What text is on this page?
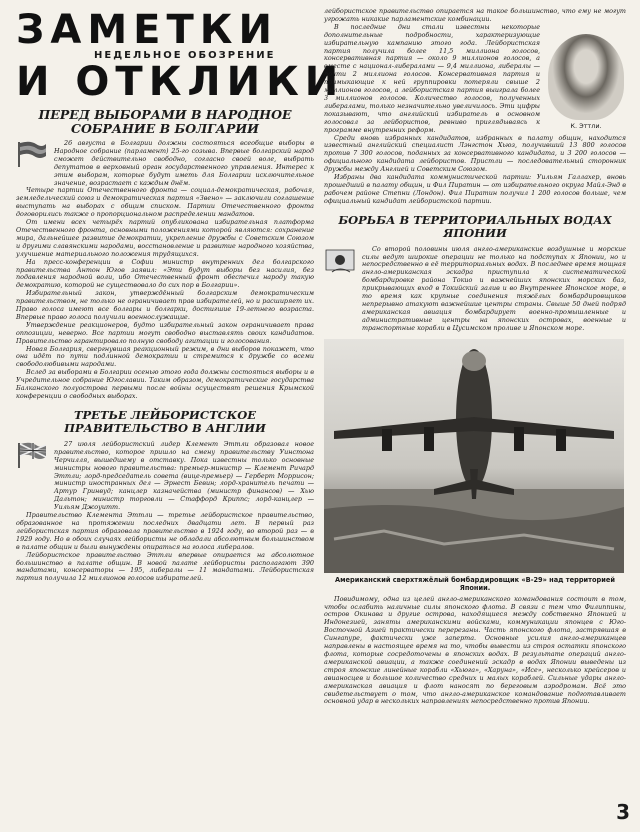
ЗАМЕТКИ
НЕДЕЛЬНОЕ ОБОЗРЕНИЕ
И ОТКЛИКИ
ПЕРЕД ВЫБОРАМИ В НАРОДНОЕ СОБРАНИЕ В БОЛГАРИИ

26 августа в Болгарии должны состояться всеобщие выборы в Народное собрание (парламент) 25-го созыва. Впервые болгарский народ сможет действительно свободно, согласно своей воле, выбрать депутатов в верховный орган государственного управления. Интерес к этим выборам, которые будут иметь для Болгарии исключительное значение, возрастает с каждым днём.

Четыре партии Отечественного фронта — социал-демократическая, рабочая, земледельческий союз и демократическая партия «Звено» — заключили соглашение выступать на выборах с общим списком. Партии Отечественного фронта договорились также о пропорциональном распределении мандатов.

От имени всех четырёх партий опубликована избирательная платформа Отечественного фронта, основными положениями которой являются: сохранение мира, дальнейшее развитие демократии, укрепление дружбы с Советским Союзом и другими славянскими народами, восстановление и развитие народного хозяйства, улучшение материального положения трудящихся.

На пресс-конференции в Софии министр внутренних дел болгарского правительства Антон Югов заявил: «Эти будут выборы без насилия, без подавления народной воли, ибо Отечественный фронт обеспечил народу такую демократию, которой не существовало до сих пор в Болгарии».

Избирательный закон, утверждённый болгарским демократическим правительством, не только не ограничивает прав избирателей, но и расширяет их. Право голоса имеют все болгары и болгарки, достигшие 19-летнего возраста. Впервые право голоса получили военнослужащие.

Утверждение реакционеров, будто избирательный закон ограничивает права оппозиции, неверно. Все партии могут свободно выставлять своих кандидатов. Правительство гарантировало полную свободу агитации и голосования.

Новая Болгария, свергнувшая реакционный режим, в дни выборов покажет, что она идёт по пути подлинной демократии и стремится к дружбе со всеми свободолюбивыми народами.

Вслед за выборами в Болгарии осенью этого года должны состояться выборы и в Учредительное собрание Югославии. Таким образом, демократические государства Балканского полуострова первыми после войны осуществят решения Крымской конференции о свободных выборах.

ТРЕТЬЕ ЛЕЙБОРИСТСКОЕ ПРАВИТЕЛЬСТВО В АНГЛИИ

27 июля лейбористский лидер Клемент Эттли образовал новое правительство, которое пришло на смену правительству Уинстона Черчилля, вышедшему в отставку. Пока известны только основные министры нового правительства: премьер-министр — Клемент Ричард Эттли; лорд-председатель совета (вице-премьер) — Герберт Моррисон; министр иностранных дел — Эрнест Бевин; лорд-хранитель печати — Артур Гринвуд; канцлер казначейства (министр финансов) — Хью Дальтон; министр торговли — Стаффорд Криппс; лорд-канцлер — Уильям Джоуитт.

Правительство Клемента Эттли — третье лейбористское правительство, образованное на протяжении последних двадцати лет. В первый раз лейбористская партия образовала правительство в 1924 году, во второй раз — в 1929 году. Но в обоих случаях лейбористы не обладали абсолютным большинством в палате общин и были вынуждены опираться на голоса либералов.

Лейбористское правительство Эттли впервые опирается на абсолютное большинство в палате общин. В новой палате лейбористы располагают 390 мандатами, консерваторы — 195, либералы — 11 мандатами. Лейбористская партия получила 12 миллионов голосов избирателей.

лейбористское правительство опирается на такое большинство, что ему не могут угрожать никакие парламентские комбинации.

К. Эттли.

В последние дни стали известны некоторые дополнительные подробности, характеризующие избирательную кампанию этого года. Лейбористская партия получила более 11,5 миллиона голосов, консервативная партия — около 9 миллионов голосов, а вместе с национал-либералами — 9,4 миллиона, либералы — почти 2 миллиона голосов. Консервативная партия и примыкающие к ней группировки потеряли свыше 2 миллионов голосов, а лейбористская партия выиграла более 3 миллионов голосов. Количество голосов, полученных либералами, только незначительно увеличилось. Эти цифры показывают, что английский избиратель в основном голосовал за лейбористов, ревниво приглядываясь к программе внутренних реформ.

Среди вновь избранных кандидатов, избранных в палату общин, находится известный английский специалист Лэнгстон Хьюз, получивший 13 800 голосов против 7 300 голосов, поданных за консервативного кандидата, и 3 200 голосов — официального кандидата лейбористов. Пристли — последовательный сторонник дружбы между Англией и Советским Союзом.

Избраны два кандидата коммунистической партии: Уильям Галлахер, вновь прошедший в палату общин, и Фил Пиратин — от избирательного округа Майл-Энд в рабочем районе Степни (Лондон). Фил Пиратин получил 1 200 голосов больше, чем официальный кандидат лейбористской партии.

БОРЬБА В ТЕРРИТОРИАЛЬНЫХ ВОДАХ ЯПОНИИ

Со второй половины июля англо-американские воздушные и морские силы ведут широкие операции не только на подступах к Японии, но и непосредственно в её территориальных водах. В последнее время мощная англо-американская эскадра приступила к систематической бомбардировке района Токио и важнейших японских морских баз, прикрывающих вход в Токийский залив и во Внутреннее Японское море, в то время как крупные соединения тяжёлых бомбардировщиков непрерывно атакуют важнейшие центры страны. Свыше 50 дней подряд американская авиация бомбардирует военно-промышленные и административные центры на японских островах, военные и транспортные корабли в Цусимском проливе и Японском море.

Американский сверхтяжёлый бомбардировщик «В-29» над территорией Японии.

Повидимому, одна из целей англо-американского командования состоит в том, чтобы ослабить наличные силы японского флота. В связи с тем что Филиппины, остров Окинава и другие острова, находящиеся между собственно Японией и Индонезией, заняты американскими войсками, коммуникации японцев с Юго-Восточной Азией практически перерезаны. Часть японского флота, застрявшая в Сингапуре, фактически уже заперта. Основные усилия англо-американцев направлены в настоящее время на то, чтобы вывести из строя остатки японского флота, которые сосредоточены в японских водах. В результате операций англо-американской авиации, а также соединений эскадр в водах Японии выведены из строя японские линейные корабли «Хьюга», «Харуна», «Исе», несколько крейсеров и авианосцев и большое количество средних и малых кораблей. Сильные удары англо-американская авиация и флот наносят по береговым аэродромам. Всё это свидетельствует о том, что англо-американское командование подготавливает основной удар в нескольких направлениях непосредственно против Японии.

3
